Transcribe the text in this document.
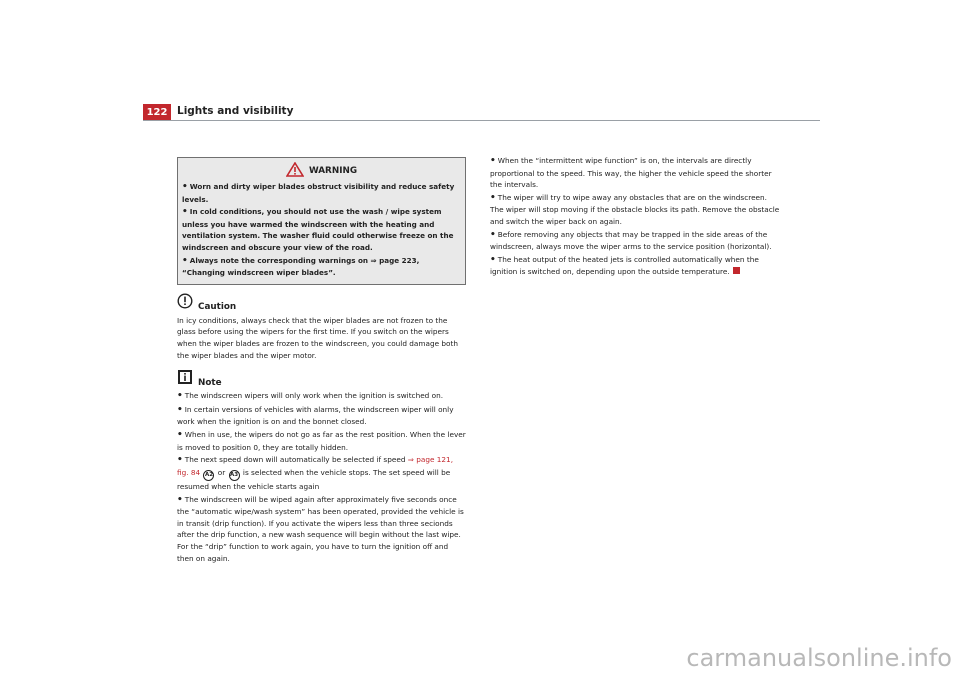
122 Lights and visibility
WARNING
• Worn and dirty wiper blades obstruct visibility and reduce safety levels.
• In cold conditions, you should not use the wash / wipe system unless you have warmed the windscreen with the heating and ventilation system. The washer fluid could otherwise freeze on the windscreen and obscure your view of the road.
• Always note the corresponding warnings on ⇒ page 223, “Changing windscreen wiper blades”.
Caution
In icy conditions, always check that the wiper blades are not frozen to the glass before using the wipers for the first time. If you switch on the wipers when the wiper blades are frozen to the windscreen, you could damage both the wiper blades and the wiper motor.
Note
• The windscreen wipers will only work when the ignition is switched on.
• In certain versions of vehicles with alarms, the windscreen wiper will only work when the ignition is on and the bonnet closed.
• When in use, the wipers do not go as far as the rest position. When the lever is moved to position 0, they are totally hidden.
• The next speed down will automatically be selected if speed ⇒ page 121, fig. 84 A2 or A3 is selected when the vehicle stops. The set speed will be resumed when the vehicle starts again
• The windscreen will be wiped again after approximately five seconds once the “automatic wipe/wash system” has been operated, provided the vehicle is in transit (drip function). If you activate the wipers less than three secionds after the drip function, a new wash sequence will begin without the last wipe. For the “drip” function to work again, you have to turn the ignition off and then on again.
• When the “intermittent wipe function” is on, the intervals are directly proportional to the speed. This way, the higher the vehicle speed the shorter the intervals.
• The wiper will try to wipe away any obstacles that are on the windscreen. The wiper will stop moving if the obstacle blocks its path. Remove the obstacle and switch the wiper back on again.
• Before removing any objects that may be trapped in the side areas of the windscreen, always move the wiper arms to the service position (horizontal).
• The heat output of the heated jets is controlled automatically when the ignition is switched on, depending upon the outside temperature.
carmanualsonline.info
